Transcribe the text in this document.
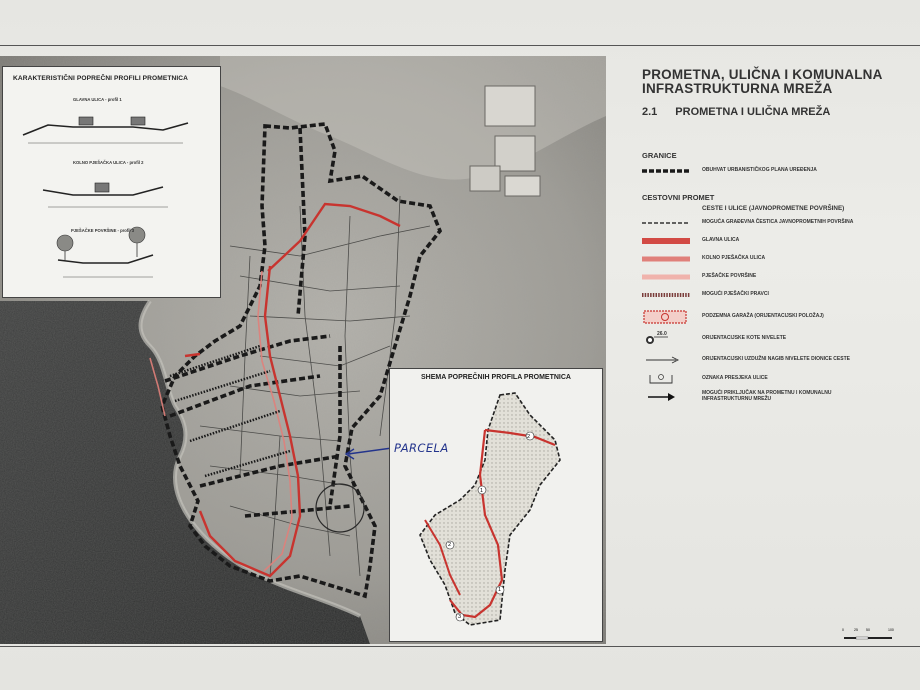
KARAKTERISTIČNI POPREČNI PROFILI PROMETNICA
GLAVNA ULICA - profil 1
KOLNO PJEŠAČKA ULICA - profil 2
PJEŠAČKE POVRŠINE - profil 3
SHEMA POPREČNIH PROFILA PROMETNICA
2
1
2
1
3
PARCELA
PROMETNA, ULIČNA I KOMUNALNA INFRASTRUKTURNA MREŽA
2.1 PROMETNA I ULIČNA MREŽA
GRANICE
OBUHVAT URBANISTIČKOG PLANA UREĐENJA
CESTOVNI PROMET
CESTE I ULICE (JAVNOPROMETNE POVRŠINE)
MOGUĆA GRAĐEVNA ČESTICA JAVNOPROMETNIH POVRŠINA
GLAVNA ULICA
KOLNO PJEŠAČKA ULICA
PJEŠAČKE POVRŠINE
MOGUĆI PJEŠAČKI PRAVCI
PODZEMNA GARAŽA (ORIJENTACIJSKI POLOŽAJ)
26.0
ORIJENTACIJSKE KOTE NIVELETE
ORIJENTACIJSKI UZDUŽNI NAGIB NIVELETE DIONICE CESTE
OZNAKA PRESJEKA ULICE
MOGUĆI PRIKLJUČAK NA PROMETNU I KOMUNALNU INFRASTRUKTURNU MREŽU
0	25 50	100
